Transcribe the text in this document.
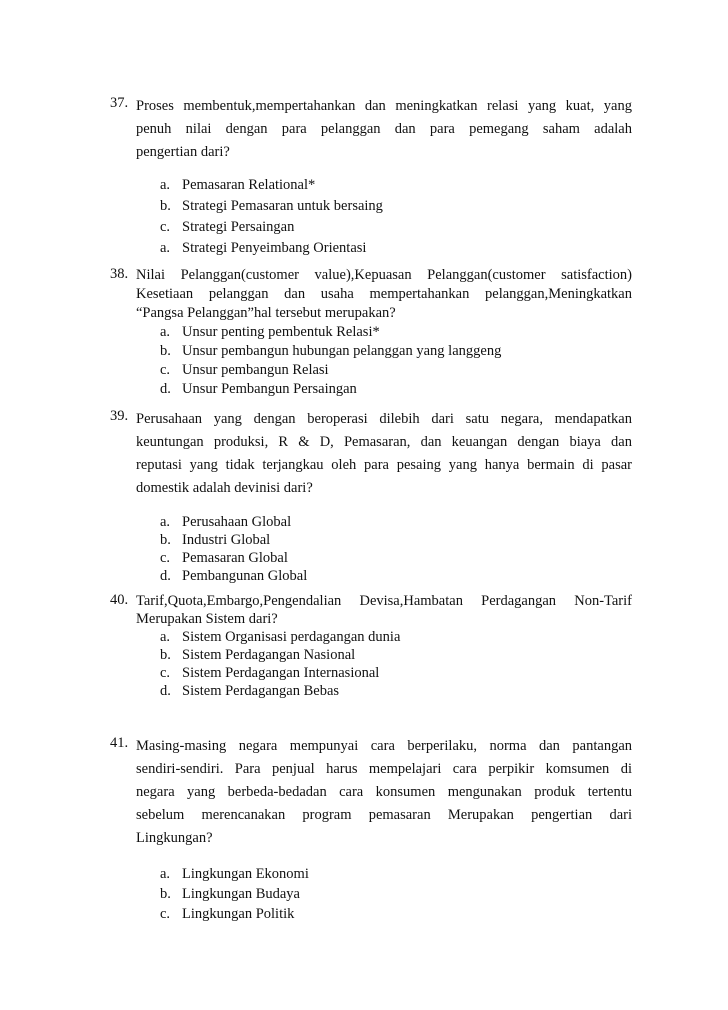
37. Proses membentuk,mempertahankan dan meningkatkan relasi yang kuat, yang
penuh nilai dengan para pelanggan dan para pemegang saham adalah
pengertian dari?
a. Pemasaran Relational*
b. Strategi Pemasaran untuk bersaing
c. Strategi Persaingan
a. Strategi Penyeimbang Orientasi
38. Nilai Pelanggan(customer value),Kepuasan Pelanggan(customer satisfaction)
Kesetiaan pelanggan dan usaha mempertahankan pelanggan,Meningkatkan
“Pangsa Pelanggan”hal tersebut merupakan?
a. Unsur penting pembentuk Relasi*
b. Unsur pembangun hubungan pelanggan yang langgeng
c. Unsur pembangun Relasi
d. Unsur Pembangun Persaingan
39. Perusahaan yang dengan beroperasi dilebih dari satu negara, mendapatkan
keuntungan produksi, R & D, Pemasaran, dan keuangan dengan biaya dan
reputasi yang tidak terjangkau oleh para pesaing yang hanya bermain di pasar
domestik adalah devinisi dari?
a. Perusahaan Global
b. Industri Global
c. Pemasaran Global
d. Pembangunan Global
40. Tarif,Quota,Embargo,Pengendalian Devisa,Hambatan Perdagangan Non-Tarif
Merupakan Sistem dari?
a. Sistem Organisasi perdagangan dunia
b. Sistem Perdagangan Nasional
c. Sistem Perdagangan Internasional
d. Sistem Perdagangan Bebas
41. Masing-masing negara mempunyai cara berperilaku, norma dan pantangan
sendiri-sendiri. Para penjual harus mempelajari cara perpikir komsumen di
negara yang berbeda-bedadan cara konsumen mengunakan produk tertentu
sebelum merencanakan program pemasaran Merupakan pengertian dari
Lingkungan?
a. Lingkungan Ekonomi
b. Lingkungan Budaya
c. Lingkungan Politik
